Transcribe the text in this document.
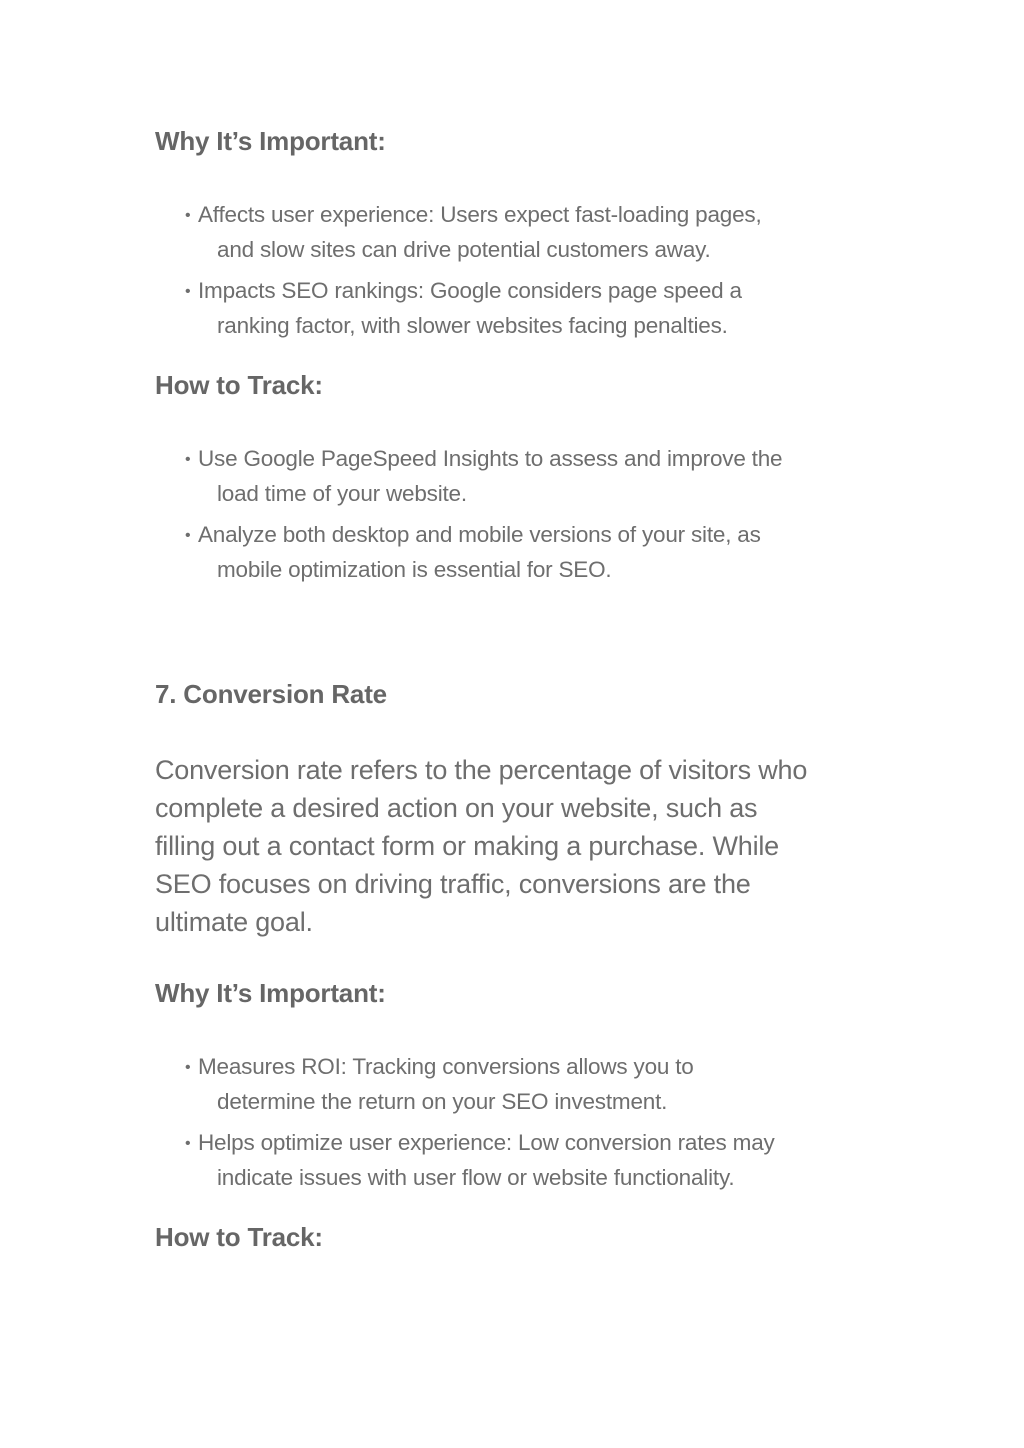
Why It’s Important:
• Affects user experience: Users expect fast-loading pages,
and slow sites can drive potential customers away.
• Impacts SEO rankings: Google considers page speed a
ranking factor, with slower websites facing penalties.
How to Track:
• Use Google PageSpeed Insights to assess and improve the
load time of your website.
• Analyze both desktop and mobile versions of your site, as
mobile optimization is essential for SEO.
7. Conversion Rate
Conversion rate refers to the percentage of visitors who
complete a desired action on your website, such as
filling out a contact form or making a purchase. While
SEO focuses on driving traffic, conversions are the
ultimate goal.
Why It’s Important:
• Measures ROI: Tracking conversions allows you to
determine the return on your SEO investment.
• Helps optimize user experience: Low conversion rates may
indicate issues with user flow or website functionality.
How to Track:
